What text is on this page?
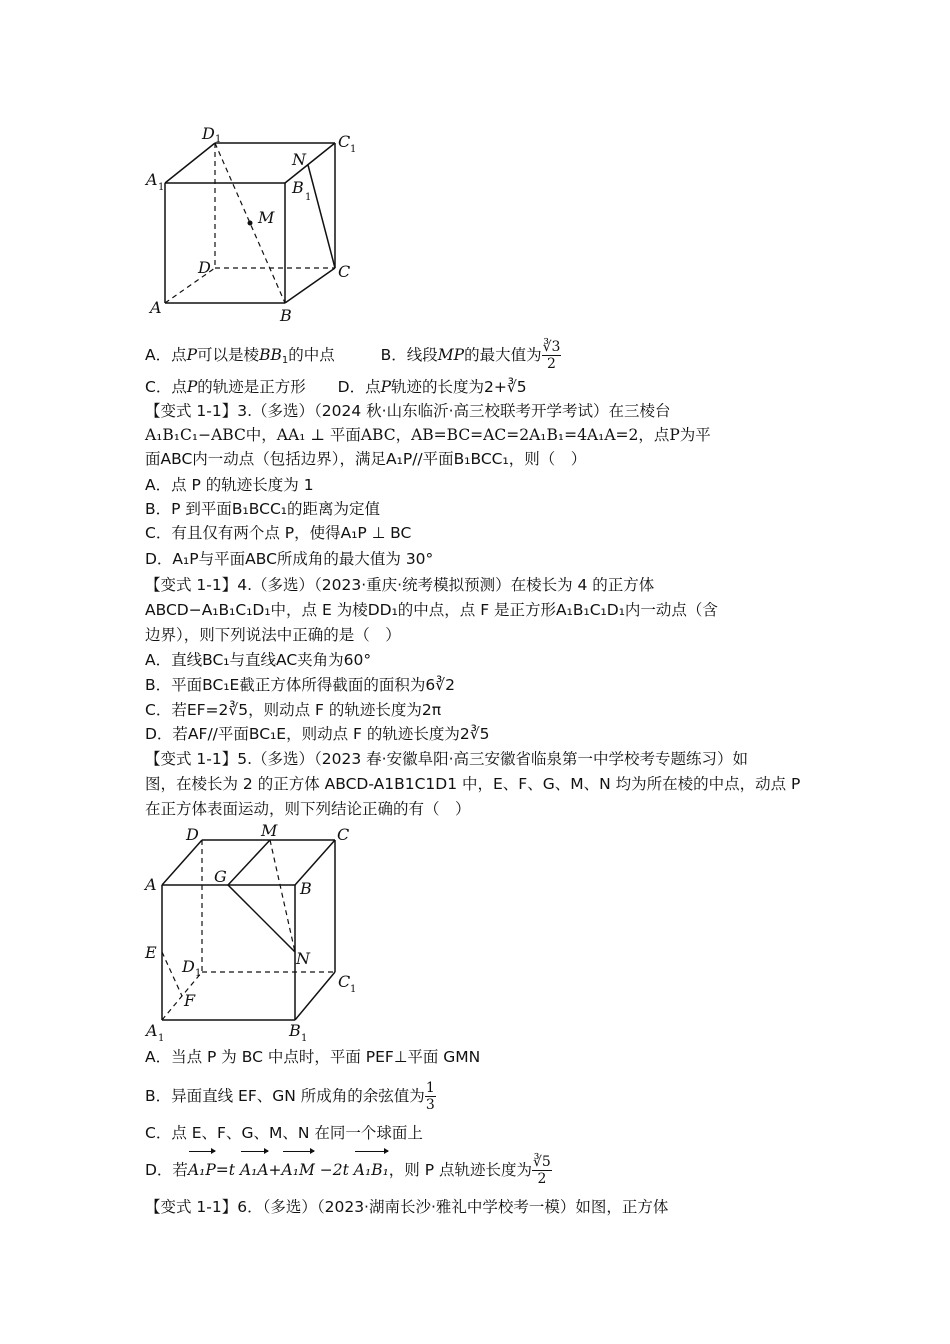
D 1	C 1
N
A 1	B
1
M
D	C
A	B
A．点P可以是棱$BB_1$的中点	B．线段MP的最大值为 $\frac{∛3}{2}$
C．点P的轨迹是正方形 D．点P轨迹的长度为2+∛5
【变式 1-1】3.（多选）（2024 秋·山东临沂·高三校联考开学考试）在三棱台
A₁B₁C₁−ABC中，AA₁ ⊥ 平面ABC，AB=BC=AC=2A₁B₁=4A₁A=2，点P为平
面ABC内一动点（包括边界），满足A₁P//平面B₁BCC₁，则（　）
A．点 P 的轨迹长度为 1
B．P 到平面B₁BCC₁的距离为定值
C．有且仅有两个点 P，使得A₁P ⊥ BC
D．A₁P与平面ABC所成角的最大值为 30°
【变式 1-1】4.（多选）（2023·重庆·统考模拟预测）在棱长为 4 的正方体
ABCD−A₁B₁C₁D₁中，点 E 为棱DD₁的中点，点 F 是正方形A₁B₁C₁D₁内一动点（含
边界），则下列说法中正确的是（　）
A．直线BC₁与直线AC夹角为60°
B．平面BC₁E截正方体所得截面的面积为6∛2
C．若EF=2∛5，则动点 F 的轨迹长度为2π
D．若AF//平面BC₁E，则动点 F 的轨迹长度为2∛5
【变式 1-1】5.（多选）（2023 春·安徽阜阳·高三安徽省临泉第一中学校考专题练习）如
图，在棱长为 2 的正方体 ABCD-A1B1C1D1 中，E、F、G、M、N 均为所在棱的中点，动点 P
在正方体表面运动，则下列结论正确的有（　）
D	M	C
A	G
B
E	N
D 1	C 1
F
A 1	B 1
A．当点 P 为 BC 中点时，平面 PEF⊥平面 GMN
B．异面直线 EF、GN 所成角的余弦值为 $\frac{1}{3}$
C．点 E、F、G、M、N 在同一个球面上
D．若A₁P=t A₁A+A₁M −2t A₁B₁，则 P 点轨迹长度为 $\frac{∛5}{2}$
【变式 1-1】6．（多选）（2023·湖南长沙·雅礼中学校考一模）如图，正方体
